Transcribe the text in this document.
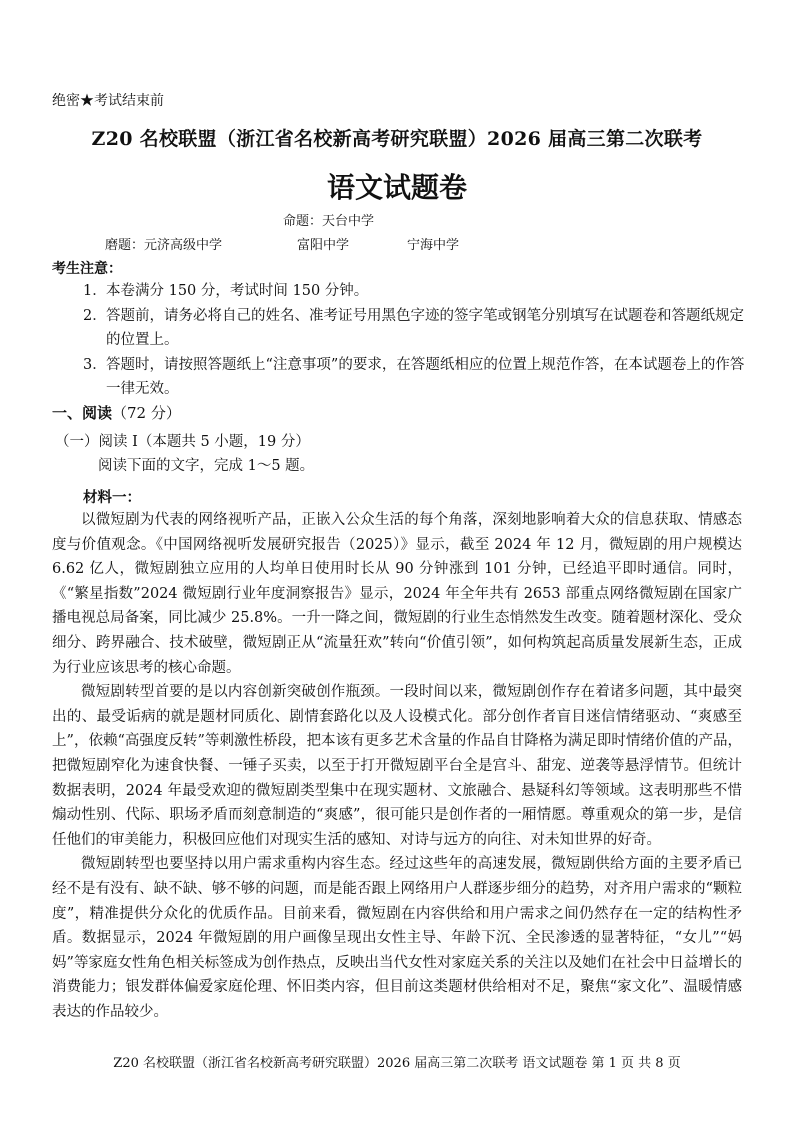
绝密★考试结束前
Z20 名校联盟（浙江省名校新高考研究联盟）2026 届高三第二次联考
语文试题卷
命题：天台中学
磨题：元济高级中学	富阳中学	宁海中学
考生注意：
1． 本卷满分 150 分，考试时间 150 分钟。
2． 答题前，请务必将自己的姓名、准考证号用黑色字迹的签字笔或钢笔分别填写在试题卷和答题纸规定的位置上。
3． 答题时，请按照答题纸上“注意事项”的要求，在答题纸相应的位置上规范作答，在本试题卷上的作答一律无效。
一、阅读（72 分）
（一）阅读 I（本题共 5 小题，19 分）
阅读下面的文字，完成 1～5 题。
材料一：

以微短剧为代表的网络视听产品，正嵌入公众生活的每个角落，深刻地影响着大众的信息获取、情感态度与价值观念。《中国网络视听发展研究报告（2025）》显示，截至 2024 年 12 月，微短剧的用户规模达 6.62 亿人，微短剧独立应用的人均单日使用时长从 90 分钟涨到 101 分钟，已经追平即时通信。同时，《“繁星指数”2024 微短剧行业年度洞察报告》显示，2024 年全年共有 2653 部重点网络微短剧在国家广播电视总局备案，同比减少 25.8%。一升一降之间，微短剧的行业生态悄然发生改变。随着题材深化、受众细分、跨界融合、技术破壁，微短剧正从“流量狂欢”转向“价值引领”，如何构筑起高质量发展新生态，正成为行业应该思考的核心命题。

微短剧转型首要的是以内容创新突破创作瓶颈。一段时间以来，微短剧创作存在着诸多问题，其中最突出的、最受诟病的就是题材同质化、剧情套路化以及人设模式化。部分创作者盲目迷信情绪驱动、“爽感至上”，依赖“高强度反转”等刺激性桥段，把本该有更多艺术含量的作品自甘降格为满足即时情绪价值的产品，把微短剧窄化为速食快餐、一锤子买卖，以至于打开微短剧平台全是宫斗、甜宠、逆袭等悬浮情节。但统计数据表明，2024 年最受欢迎的微短剧类型集中在现实题材、文旅融合、悬疑科幻等领域。这表明那些不惜煽动性别、代际、职场矛盾而刻意制造的“爽感”，很可能只是创作者的一厢情愿。尊重观众的第一步，是信任他们的审美能力，积极回应他们对现实生活的感知、对诗与远方的向往、对未知世界的好奇。

微短剧转型也要坚持以用户需求重构内容生态。经过这些年的高速发展，微短剧供给方面的主要矛盾已经不是有没有、缺不缺、够不够的问题，而是能否跟上网络用户人群逐步细分的趋势，对齐用户需求的“颗粒度”，精准提供分众化的优质作品。目前来看，微短剧在内容供给和用户需求之间仍然存在一定的结构性矛盾。数据显示，2024 年微短剧的用户画像呈现出女性主导、年龄下沉、全民渗透的显著特征，“女儿”“妈妈”等家庭女性角色相关标签成为创作热点，反映出当代女性对家庭关系的关注以及她们在社会中日益增长的消费能力；银发群体偏爱家庭伦理、怀旧类内容，但目前这类题材供给相对不足，聚焦“家文化”、温暖情感表达的作品较少。

Z20 名校联盟（浙江省名校新高考研究联盟）2026 届高三第二次联考 语文试题卷 第 1 页 共 8 页
